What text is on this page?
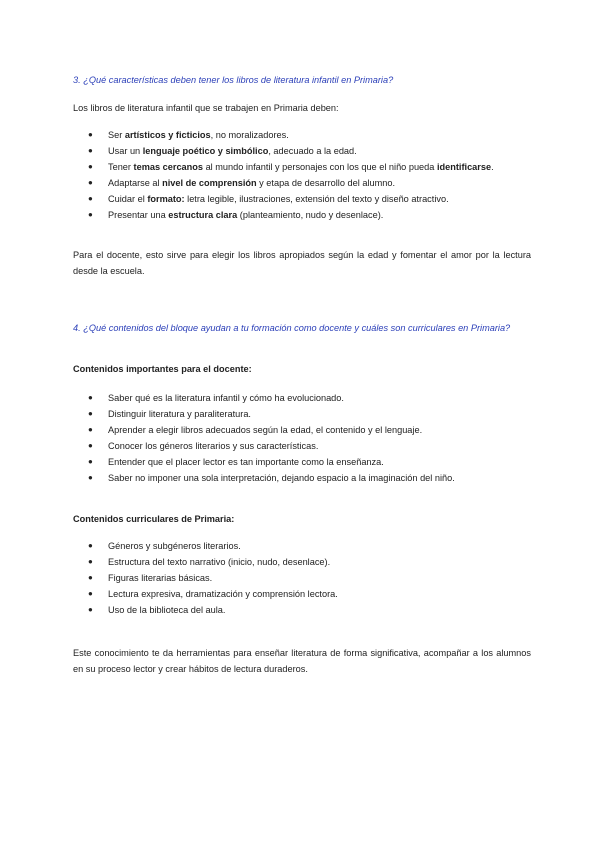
3. ¿Qué características deben tener los libros de literatura infantil en Primaria?

Los libros de literatura infantil que se trabajen en Primaria deben:

● Ser artísticos y ficticios, no moralizadores.
● Usar un lenguaje poético y simbólico, adecuado a la edad.
● Tener temas cercanos al mundo infantil y personajes con los que el niño pueda identificarse.
● Adaptarse al nivel de comprensión y etapa de desarrollo del alumno.
● Cuidar el formato: letra legible, ilustraciones, extensión del texto y diseño atractivo.
● Presentar una estructura clara (planteamiento, nudo y desenlace).

Para el docente, esto sirve para elegir los libros apropiados según la edad y fomentar el amor por la lectura desde la escuela.

4. ¿Qué contenidos del bloque ayudan a tu formación como docente y cuáles son curriculares en Primaria?

Contenidos importantes para el docente:

● Saber qué es la literatura infantil y cómo ha evolucionado.
● Distinguir literatura y paraliteratura.
● Aprender a elegir libros adecuados según la edad, el contenido y el lenguaje.
● Conocer los géneros literarios y sus características.
● Entender que el placer lector es tan importante como la enseñanza.
● Saber no imponer una sola interpretación, dejando espacio a la imaginación del niño.

Contenidos curriculares de Primaria:

● Géneros y subgéneros literarios.
● Estructura del texto narrativo (inicio, nudo, desenlace).
● Figuras literarias básicas.
● Lectura expresiva, dramatización y comprensión lectora.
● Uso de la biblioteca del aula.

Este conocimiento te da herramientas para enseñar literatura de forma significativa, acompañar a los alumnos en su proceso lector y crear hábitos de lectura duraderos.
